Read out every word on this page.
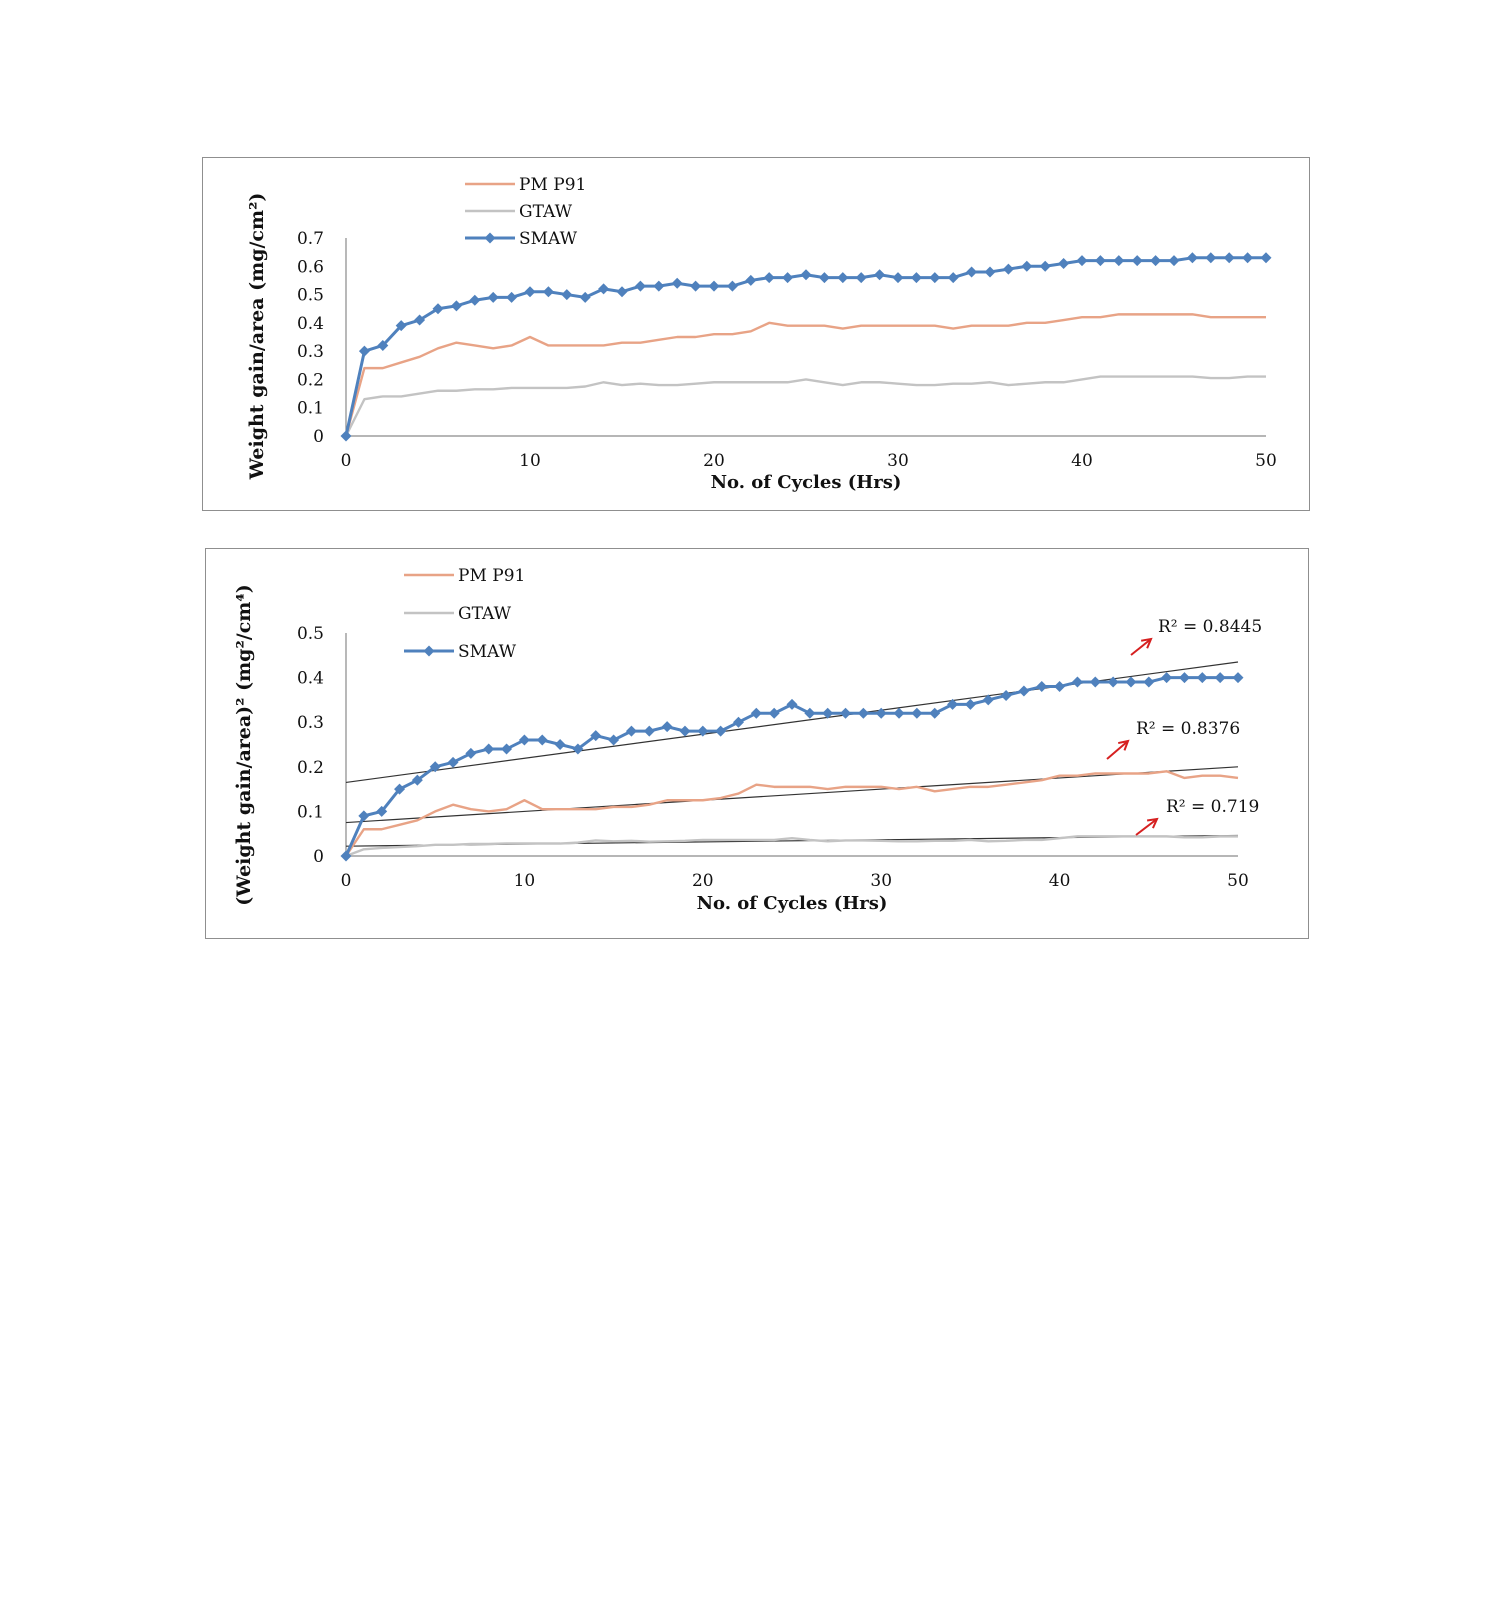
0
0.1
0.2
0.3
0.4
0.5
0.6
0.7
0	10	20	30	40	50
No. of Cycles (Hrs)
Weight gain/area (mg/cm²)
PM P91
GTAW
SMAW
0
0.1
0.2
0.3
0.4
0.5
0	10	20	30	40	50
No. of Cycles (Hrs)
(Weight gain/area)² (mg²/cm⁴)
PM P91
GTAW
SMAW
R² = 0.8445
R² = 0.8376
R² = 0.719
